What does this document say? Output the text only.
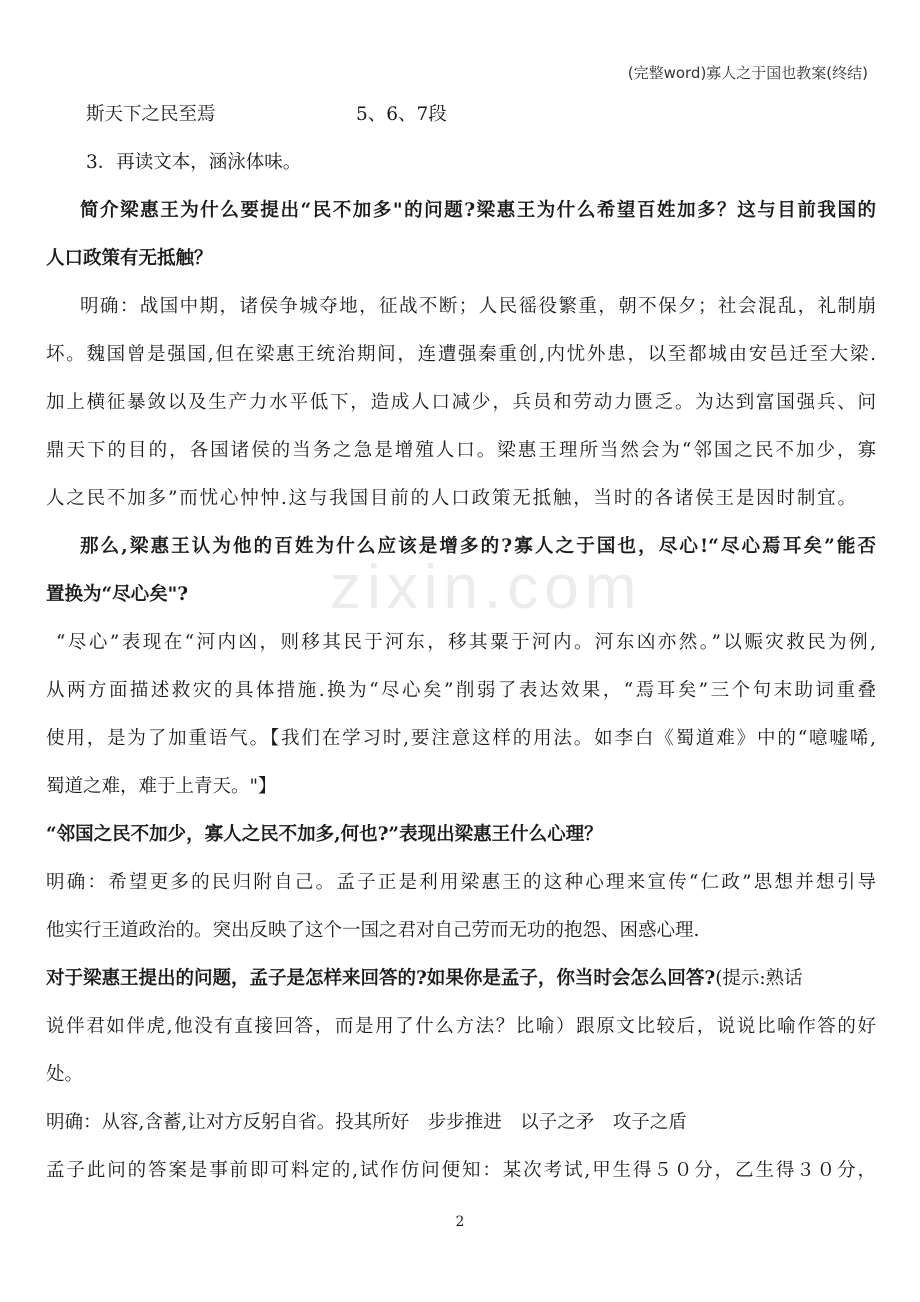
(完整word)寡人之于国也教案(终结)
zixin.com
斯天下之民至焉	5、6、7段
3．再读文本，涵泳体味。
简介梁惠王为什么要提出“民不加多"的问题?梁惠王为什么希望百姓加多？这与目前我国的
人口政策有无抵触？
明确：战国中期，诸侯争城夺地，征战不断；人民徭役繁重，朝不保夕；社会混乱，礼制崩
坏。魏国曾是强国,但在梁惠王统治期间，连遭强秦重创,内忧外患，以至都城由安邑迁至大梁.
加上横征暴敛以及生产力水平低下，造成人口减少，兵员和劳动力匮乏。为达到富国强兵、问
鼎天下的目的，各国诸侯的当务之急是增殖人口。梁惠王理所当然会为“邻国之民不加少，寡
人之民不加多”而忧心忡忡.这与我国目前的人口政策无抵触，当时的各诸侯王是因时制宜。
那么,梁惠王认为他的百姓为什么应该是增多的?寡人之于国也，尽心!“尽心焉耳矣”能否
置换为“尽心矣"?
“尽心”表现在“河内凶，则移其民于河东，移其粟于河内。河东凶亦然。”以赈灾救民为例,
从两方面描述救灾的具体措施.换为“尽心矣”削弱了表达效果，“焉耳矣”三个句末助词重叠
使用，是为了加重语气。【我们在学习时,要注意这样的用法。如李白《蜀道难》中的“噫嘘唏,
蜀道之难，难于上青天。"】
“邻国之民不加少，寡人之民不加多,何也?”表现出梁惠王什么心理？
明确：希望更多的民归附自己。孟子正是利用梁惠王的这种心理来宣传“仁政”思想并想引导
他实行王道政治的。突出反映了这个一国之君对自己劳而无功的抱怨、困惑心理.
对于梁惠王提出的问题，孟子是怎样来回答的?如果你是孟子，你当时会怎么回答?(提示:熟话
说伴君如伴虎,他没有直接回答，而是用了什么方法？比喻）跟原文比较后，说说比喻作答的好
处。
明确：从容,含蓄,让对方反躬自省。投其所好　步步推进　以子之矛　攻子之盾
孟子此问的答案是事前即可料定的,试作仿问便知：某次考试,甲生得５０分，乙生得３０分，
2
